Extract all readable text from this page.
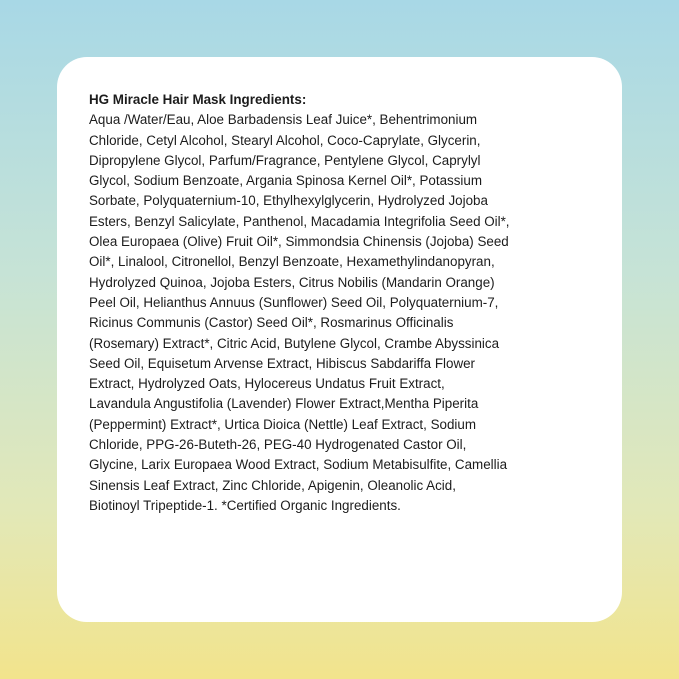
HG Miracle Hair Mask Ingredients:

Aqua /Water/Eau, Aloe Barbadensis Leaf Juice*, Behentrimonium
Chloride, Cetyl Alcohol, Stearyl Alcohol, Coco-Caprylate, Glycerin,
Dipropylene Glycol, Parfum/Fragrance, Pentylene Glycol, Caprylyl
Glycol, Sodium Benzoate, Argania Spinosa Kernel Oil*, Potassium
Sorbate, Polyquaternium-10, Ethylhexylglycerin, Hydrolyzed Jojoba
Esters, Benzyl Salicylate, Panthenol, Macadamia Integrifolia Seed Oil*,
Olea Europaea (Olive) Fruit Oil*, Simmondsia Chinensis (Jojoba) Seed
Oil*, Linalool, Citronellol, Benzyl Benzoate, Hexamethylindanopyran,
Hydrolyzed Quinoa, Jojoba Esters, Citrus Nobilis (Mandarin Orange)
Peel Oil, Helianthus Annuus (Sunflower) Seed Oil, Polyquaternium-7,
Ricinus Communis (Castor) Seed Oil*, Rosmarinus Officinalis
(Rosemary) Extract*, Citric Acid, Butylene Glycol, Crambe Abyssinica
Seed Oil, Equisetum Arvense Extract, Hibiscus Sabdariffa Flower
Extract, Hydrolyzed Oats, Hylocereus Undatus Fruit Extract,
Lavandula Angustifolia (Lavender) Flower Extract,Mentha Piperita
(Peppermint) Extract*, Urtica Dioica (Nettle) Leaf Extract, Sodium
Chloride, PPG-26-Buteth-26, PEG-40 Hydrogenated Castor Oil,
Glycine, Larix Europaea Wood Extract, Sodium Metabisulfite, Camellia
Sinensis Leaf Extract, Zinc Chloride, Apigenin, Oleanolic Acid,
Biotinoyl Tripeptide-1. *Certified Organic Ingredients.
